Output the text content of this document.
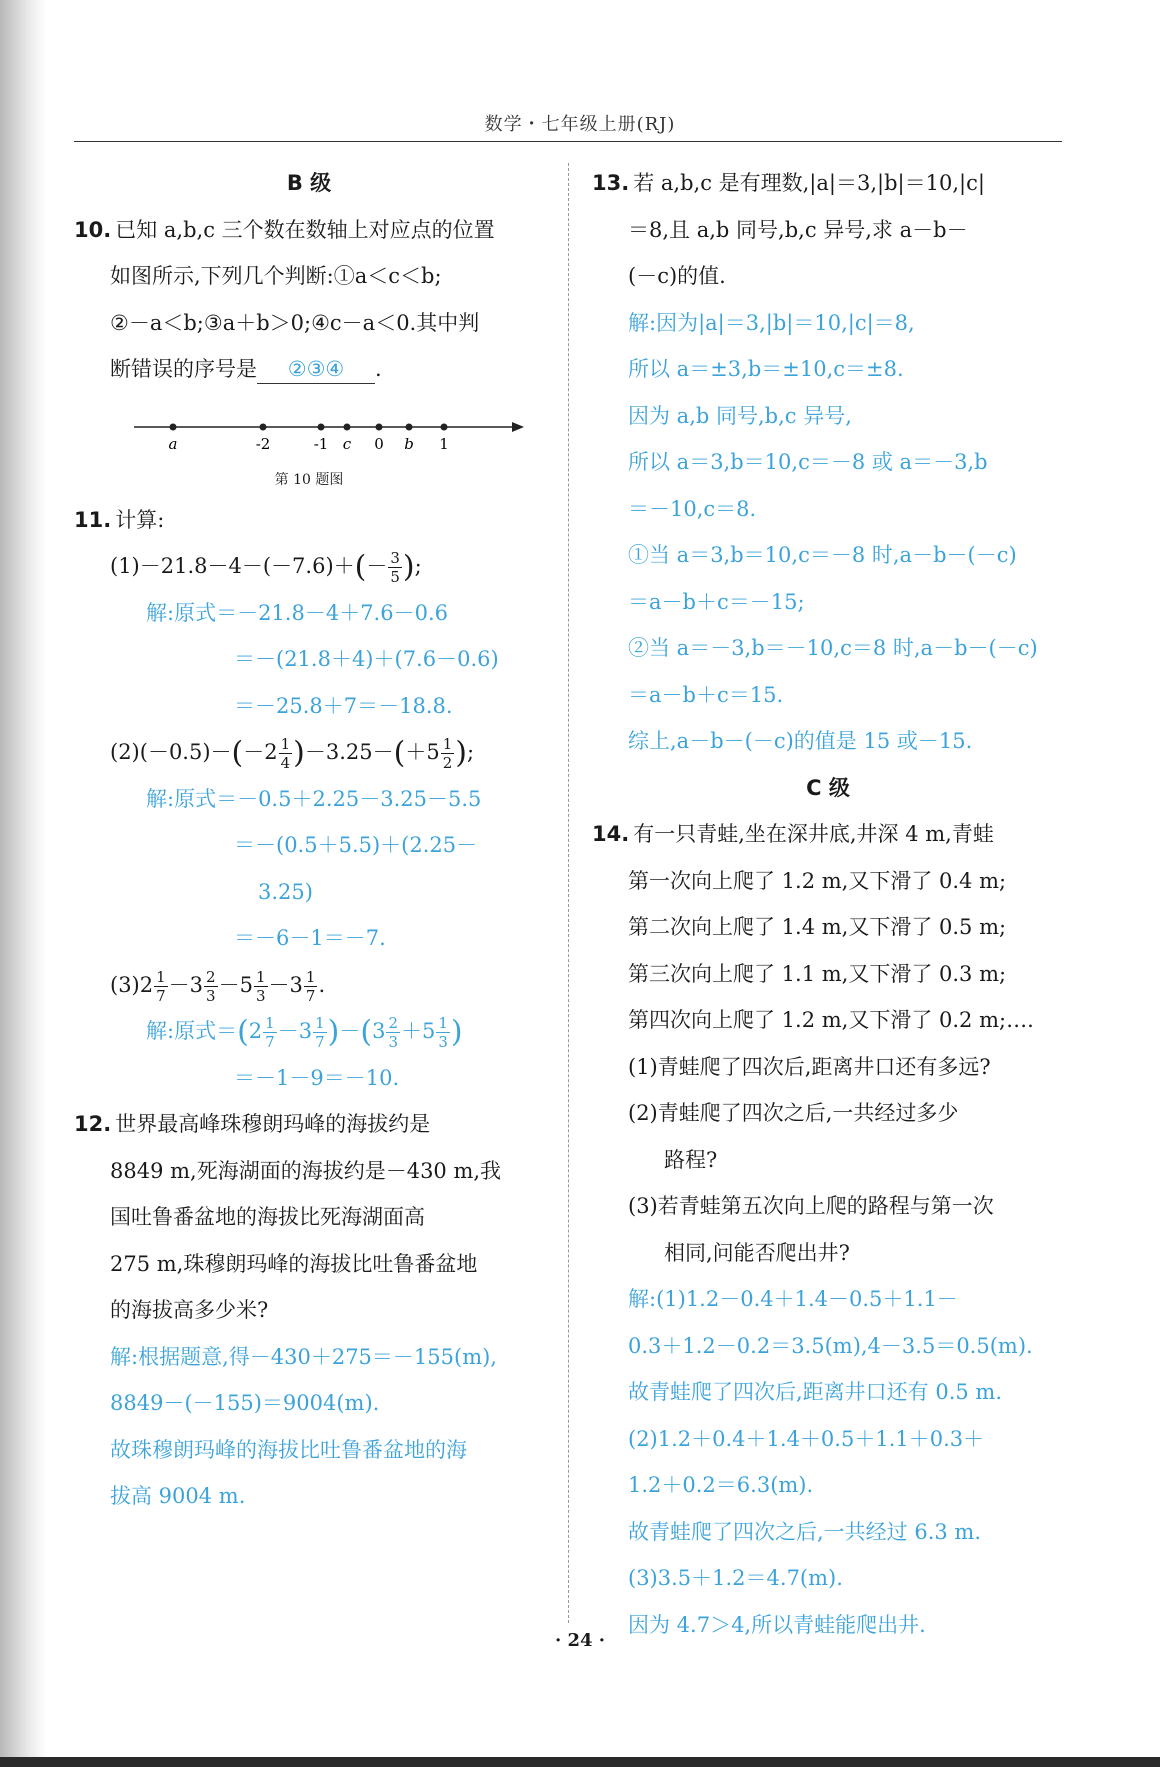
数学・七年级上册(RJ)
B 级
10. 已知 a,b,c 三个数在数轴上对应点的位置
如图所示,下列几个判断:①a＜c＜b;
②－a＜b;③a＋b＞0;④c－a＜0.其中判
断错误的序号是 ②③④ .
a	-2	-1 c 0 b 1
第 10 题图
11. 计算:
$(1)-21.8-4-(-7.6)+(- \frac{3}{5}$ );
解:原式＝－21.8－4＋7.6－0.6
＝－(21.8＋4)＋(7.6－0.6)
＝－25.8＋7＝－18.8.
$(2)(-0.5)-(-2 \frac{1}{4} )-3.25-(+5 \frac{1}{2}$ );
解:原式＝－0.5＋2.25－3.25－5.5
＝－(0.5＋5.5)＋(2.25－
3.25)
＝－6－1＝－7.
$(3)2 \frac{1}{7} -3 \frac{2}{3} -5 \frac{1}{3} -3 \frac{1}{7}$ .
解:原式$=(2 \frac{1}{7} -3 \frac{1}{7} )-(3 \frac{2}{3} +5 \frac{1}{3}$ )
＝－1－9＝－10.
12. 世界最高峰珠穆朗玛峰的海拔约是
8849 m,死海湖面的海拔约是－430 m,我
国吐鲁番盆地的海拔比死海湖面高
275 m,珠穆朗玛峰的海拔比吐鲁番盆地
的海拔高多少米?
解:根据题意,得－430＋275＝－155(m),
8849－(－155)＝9004(m).
故珠穆朗玛峰的海拔比吐鲁番盆地的海
拔高 9004 m.
13. 若 a,b,c 是有理数,|a|＝3,|b|＝10,|c|
＝8,且 a,b 同号,b,c 异号,求 a－b－
(－c)的值.
解:因为|a|＝3,|b|＝10,|c|＝8,
所以 a＝±3,b＝±10,c＝±8.
因为 a,b 同号,b,c 异号,
所以 a＝3,b＝10,c＝－8 或 a＝－3,b
＝－10,c＝8.
①当 a＝3,b＝10,c＝－8 时,a－b－(－c)
＝a－b＋c＝－15;
②当 a＝－3,b＝－10,c＝8 时,a－b－(－c)
＝a－b＋c＝15.
综上,a－b－(－c)的值是 15 或－15.
C 级
14. 有一只青蛙,坐在深井底,井深 4 m,青蛙
第一次向上爬了 1.2 m,又下滑了 0.4 m;
第二次向上爬了 1.4 m,又下滑了 0.5 m;
第三次向上爬了 1.1 m,又下滑了 0.3 m;
第四次向上爬了 1.2 m,又下滑了 0.2 m;….
(1)青蛙爬了四次后,距离井口还有多远?
(2)青蛙爬了四次之后,一共经过多少
路程?
(3)若青蛙第五次向上爬的路程与第一次
相同,问能否爬出井?
解:(1)1.2－0.4＋1.4－0.5＋1.1－
0.3＋1.2－0.2＝3.5(m),4－3.5＝0.5(m).
故青蛙爬了四次后,距离井口还有 0.5 m.
(2)1.2＋0.4＋1.4＋0.5＋1.1＋0.3＋
1.2＋0.2＝6.3(m).
故青蛙爬了四次之后,一共经过 6.3 m.
(3)3.5＋1.2＝4.7(m).
因为 4.7＞4,所以青蛙能爬出井.
· 24 ·
